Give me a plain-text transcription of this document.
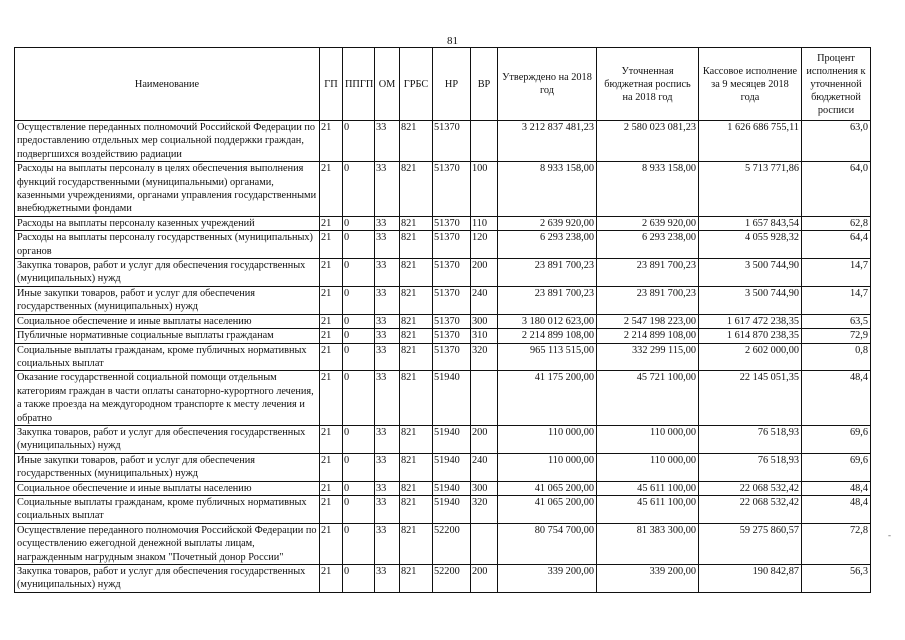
81
Наименование	ГП	ППГП	ОМ	ГРБС	НР	ВР	Утверждено на 2018 год	Уточненная бюджетная роспись на 2018 год	Кассовое исполнение за 9 месяцев 2018 года	Процент исполнения к уточненной бюджетной росписи
Осуществление переданных полномочий Российской Федерации по предоставлению отдельных мер социальной поддержки граждан, подвергшихся воздействию радиации	21	0	33	821	51370		3 212 837 481,23	2 580 023 081,23	1 626 686 755,11	63,0
Расходы на выплаты персоналу в целях обеспечения выполнения функций государственными (муниципальными) органами, казенными учреждениями, органами управления государственными внебюджетными фондами	21	0	33	821	51370	100	8 933 158,00	8 933 158,00	5 713 771,86	64,0
Расходы на выплаты персоналу казенных учреждений	21	0	33	821	51370	110	2 639 920,00	2 639 920,00	1 657 843,54	62,8
Расходы на выплаты персоналу государственных (муниципальных) органов	21	0	33	821	51370	120	6 293 238,00	6 293 238,00	4 055 928,32	64,4
Закупка товаров, работ и услуг для обеспечения государственных (муниципальных) нужд	21	0	33	821	51370	200	23 891 700,23	23 891 700,23	3 500 744,90	14,7
Иные закупки товаров, работ и услуг для обеспечения государственных (муниципальных) нужд	21	0	33	821	51370	240	23 891 700,23	23 891 700,23	3 500 744,90	14,7
Социальное обеспечение и иные выплаты населению	21	0	33	821	51370	300	3 180 012 623,00	2 547 198 223,00	1 617 472 238,35	63,5
Публичные нормативные социальные выплаты гражданам	21	0	33	821	51370	310	2 214 899 108,00	2 214 899 108,00	1 614 870 238,35	72,9
Социальные выплаты гражданам, кроме публичных нормативных социальных выплат	21	0	33	821	51370	320	965 113 515,00	332 299 115,00	2 602 000,00	0,8
Оказание государственной социальной помощи отдельным категориям граждан в части оплаты санаторно-курортного лечения, а также проезда на междугородном транспорте к месту лечения и обратно	21	0	33	821	51940		41 175 200,00	45 721 100,00	22 145 051,35	48,4
Закупка товаров, работ и услуг для обеспечения государственных (муниципальных) нужд	21	0	33	821	51940	200	110 000,00	110 000,00	76 518,93	69,6
Иные закупки товаров, работ и услуг для обеспечения государственных (муниципальных) нужд	21	0	33	821	51940	240	110 000,00	110 000,00	76 518,93	69,6
Социальное обеспечение и иные выплаты населению	21	0	33	821	51940	300	41 065 200,00	45 611 100,00	22 068 532,42	48,4
Социальные выплаты гражданам, кроме публичных нормативных социальных выплат	21	0	33	821	51940	320	41 065 200,00	45 611 100,00	22 068 532,42	48,4
Осуществление переданного полномочия Российской Федерации по осуществлению ежегодной денежной выплаты лицам, награжденным нагрудным знаком "Почетный донор России"	21	0	33	821	52200		80 754 700,00	81 383 300,00	59 275 860,57	72,8
Закупка товаров, работ и услуг для обеспечения государственных (муниципальных) нужд	21	0	33	821	52200	200	339 200,00	339 200,00	190 842,87	56,3
-
